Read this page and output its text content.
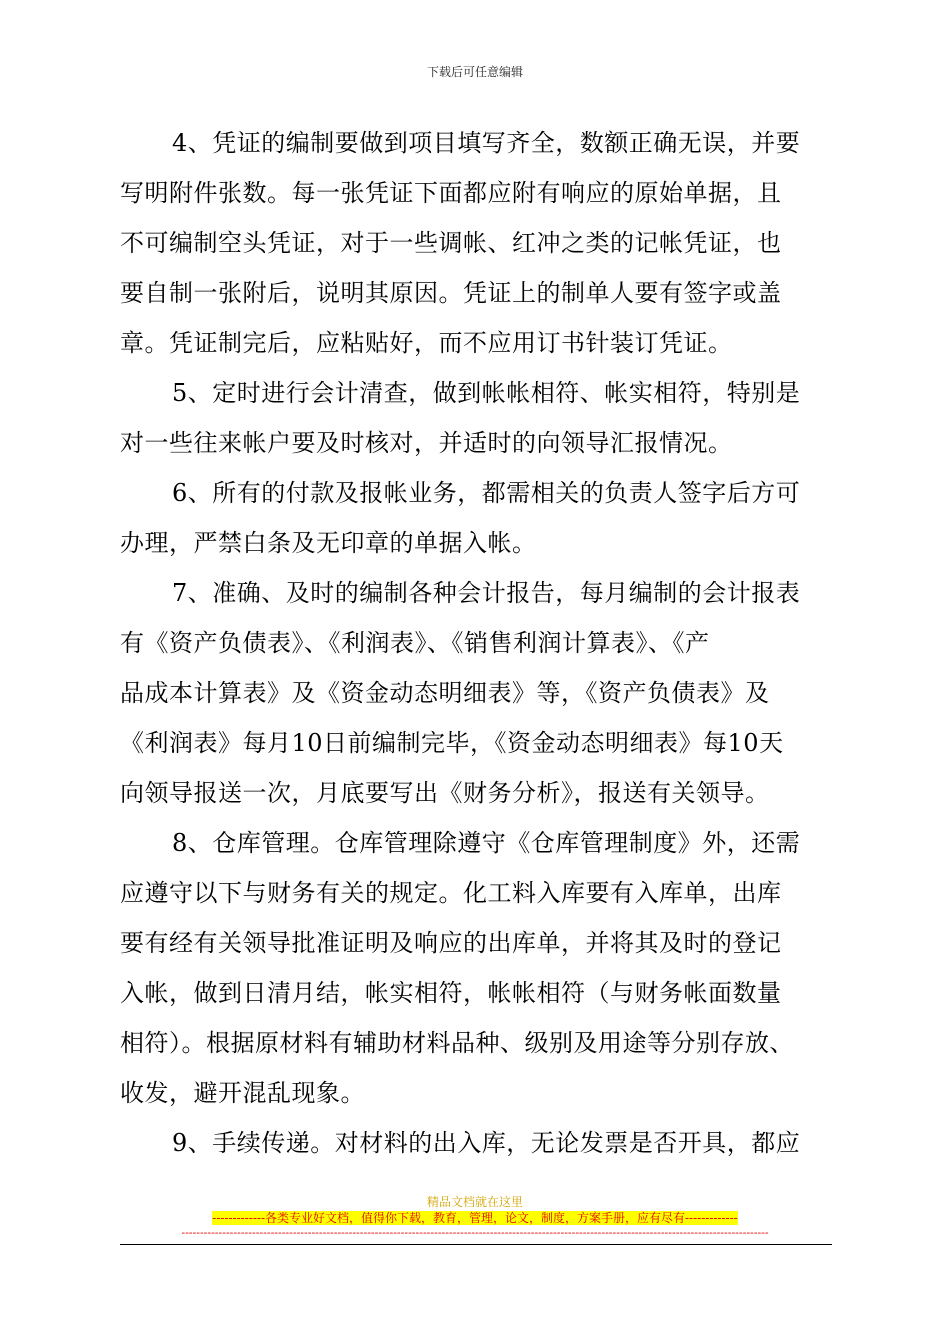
下载后可任意编辑
4、凭证的编制要做到项目填写齐全，数额正确无误，并要
写明附件张数。每一张凭证下面都应附有响应的原始单据，且
不可编制空头凭证，对于一些调帐、红冲之类的记帐凭证，也
要自制一张附后，说明其原因。凭证上的制单人要有签字或盖
章。凭证制完后，应粘贴好，而不应用订书针装订凭证。
5、定时进行会计清查，做到帐帐相符、帐实相符，特别是
对一些往来帐户要及时核对，并适时的向领导汇报情况。
6、所有的付款及报帐业务，都需相关的负责人签字后方可
办理，严禁白条及无印章的单据入帐。
7、准确、及时的编制各种会计报告，每月编制的会计报表
有《资产负债表》、《利润表》、《销售利润计算表》、《产
品成本计算表》及《资金动态明细表》等，《资产负债表》及
《利润表》每月10日前编制完毕，《资金动态明细表》每10天
向领导报送一次，月底要写出《财务分析》，报送有关领导。
8、仓库管理。仓库管理除遵守《仓库管理制度》外，还需
应遵守以下与财务有关的规定。化工料入库要有入库单，出库
要有经有关领导批准证明及响应的出库单，并将其及时的登记
入帐，做到日清月结，帐实相符，帐帐相符（与财务帐面数量
相符）。根据原材料有辅助材料品种、级别及用途等分别存放、
收发，避开混乱现象。
9、手续传递。对材料的出入库，无论发票是否开具，都应
精品文档就在这里
-------------各类专业好文档，值得你下载，教育，管理，论文，制度，方案手册，应有尽有-------------
--------------------------------------------------------------------------------------------------------------------------------------------------------------
